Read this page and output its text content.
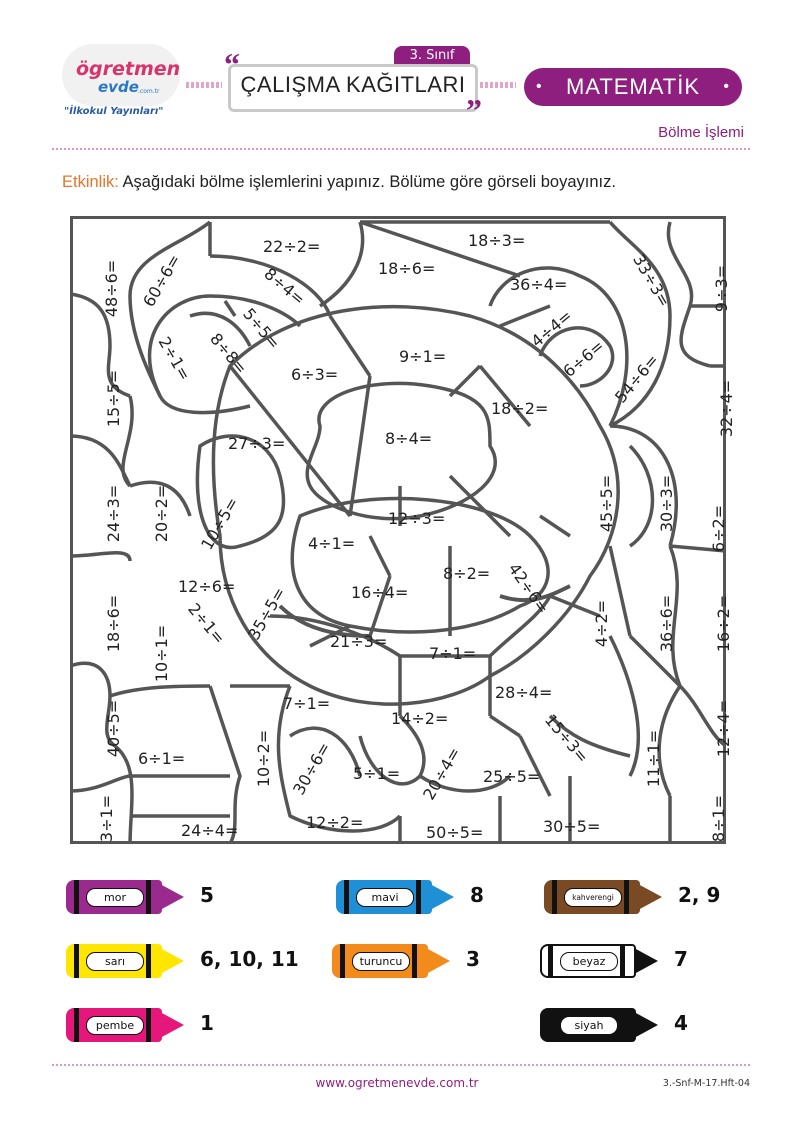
ögretmen
evde .com.tr
"İlkokul Yayınları"
3. Sınıf
“
”
ÇALIŞMA KAĞITLARI
•	MATEMATİK •
Bölme İşlemi
Etkinlik: Aşağıdaki bölme işlemlerini yapınız. Bölüme göre görseli boyayınız.
48÷6= 60÷6=
22÷2=	18÷3=
33÷3= 9÷3=
8÷4=	18÷6=
36÷4=
5÷5=
8÷8=
4÷4=
2÷1=	6÷3=
9÷1=	6÷6=
15÷5=	54÷6=
32÷4=
18÷2=
27÷3=	8÷4=
24÷3= 20÷2=	45÷5=	30÷3=
10÷5=	12÷3=
4÷1=	6÷2=
8÷2=
12÷6=	16÷4=	42÷6=
18÷6=	2÷1= 35÷5=	21÷3=
7÷1=
4÷2=	36÷6= 16÷2=
10÷1=
28÷4=
7÷1=
40÷5=	14÷2=	12÷4=
15÷3=
6÷1=	10÷2= 30÷6= 5÷1= 20÷4= 25÷5=	11÷1=
3÷1=	24÷4=	12÷2=
50÷5=	30÷5=	8÷1=
mor	5	mavi	8	kahverengi	2, 9
sarı	6, 10, 11	turuncu	3	beyaz	7
pembe	1	siyah	4
www.ogretmenevde.com.tr	3.-Snf-M-17.Hft-04
